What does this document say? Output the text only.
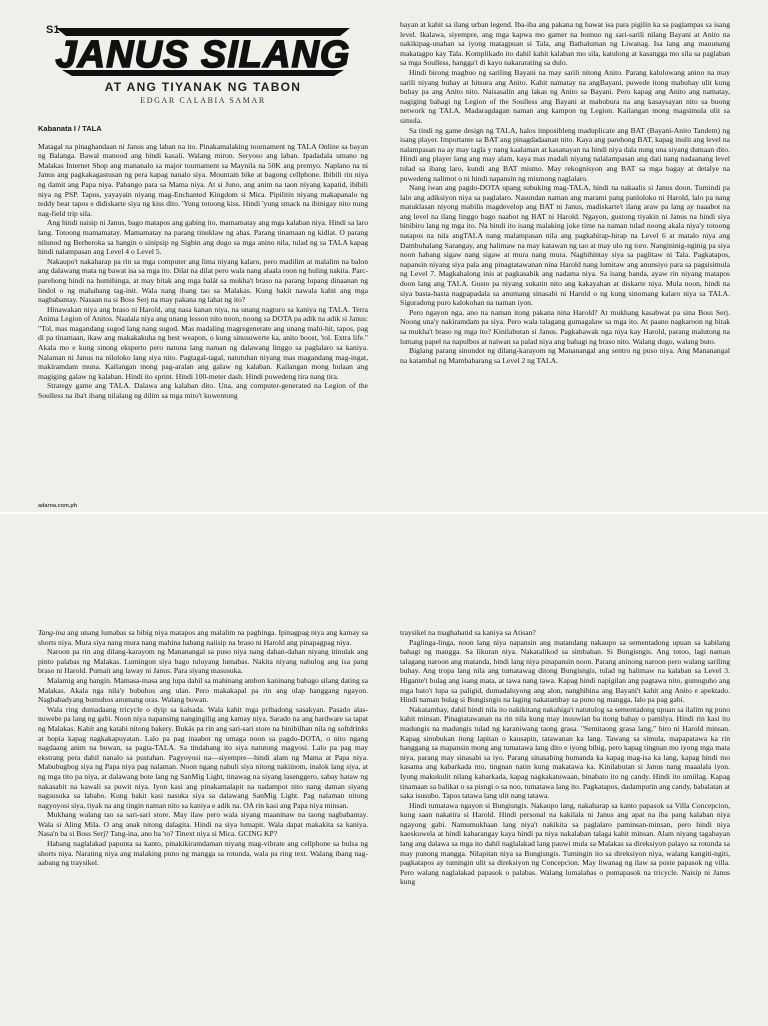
S1
JANUS SILANG
AT ANG TIYANAK NG TABON
EDGAR CALABIA SAMAR

Kabanata I / TALA

Matagal na pinaghandaan ni Janus ang laban na ito. Pinakamalaking tournament ng TALA Online sa bayan ng Balanga. Bawal manood ang hindi kasali. Walang miron. Seryoso ang laban. Ipadadala umano ng Malakas Internet Shop ang mananalo sa major tournament sa Maynila na 50K ang premyo. Naplano na ni Janus ang pagkakagastusan ng pera kapag nanalo siya. Mountain bike at bagong cellphone. Ibibili rin niya ng damit ang Papa niya. Pabango para sa Mama niya. At si Juno, ang anim na taon niyang kapatid, ibibili niya ng PSP. Tapos, yayayain niyang mag-Enchanted Kingdom si Mica. Pipilitin niyang makapanalo ng teddy bear tapos e didiskarte siya ng kiss dito. 'Yung totoong kiss. Hindi 'yung smack na ibinigay nito nung nag-field trip sila.

Ang hindi naisip ni Janus, bago matapos ang gabing ito, mamamatay ang mga kalaban niya. Hindi sa laro lang. Totoong mamamatay. Mamamatay na parang tinuklaw ng ahas. Parang tinamaan ng kidlat. O parang nilunod ng Berberoka sa hangin o sinipsip ng Sigbin ang dugo sa mga anino nila, tulad ng sa TALA kapag hindi nalampasan ang Level 4 o Level 5.

Nakaupo't nakaharap pa rin sa mga computer ang lima niyang kalaro, pero madilim at malalim na balon ang dalawang mata ng bawat isa sa mga ito. Dilat na dilat pero wala nang alaala roon ng huling nakita. Parc-parehong hindi na humihinga, at may bitak ang mga balát sa mukha't braso na parang lupang dinaanan ng lindol o ng mahabang tag-init. Wala nang ibang tao sa Malakas. Kung bakit nawala kahit ang mga nagbabantay. Nasaan na si Boss Serj na may pakana ng lahat ng ito?

Hinawakan niya ang braso ni Harold, ang nasa kanan niya, na unang nagturo sa kaniya ng TALA. Terra Anima Legion of Anitos. Naalala niya ang unang lesson nito noon, noong sa DOTA pa adik na adik si Janus: "Tol, mas magandang sugod lang nang sugod. Mas madaling magregenerate ang unang mahi-hit, tapos, pag di pa tinamaan, ikaw ang makakakuha ng best weapon, o kung sinusuwerte ka, anito boost, 'tol. Extra life." Akala mo e kung sinong eksperto pero natuna lang naman ng dalawang linggo sa paglalaro sa kaniya. Nalaman ni Janus na niloloko lang siya nito. Pagtagal-tagal, natutuhan niyang mas magandang mag-ingat, makiramdam muna. Kailangan mong pag-aralan ang galaw ng kalaban. Kailangan mong hulaan ang magiging galaw ng kalaban. Hindi ito sprint. Hindi 100-meter dash. Hindi puwedeng tira nang tira.

Strategy game ang TALA. Dalawa ang kalaban dito. Una, ang computer-generated na Legion of the Soulless na iba't ibang nilalang ng dilim sa mga mito't kuwentong

adarna.com.ph

bayan at kahit sa ilang urban legend. Iba-iba ang pakana ng bawat isa para pigilin ka sa paglampas sa isang level. Ikalawa, siyempre, ang mga kapwa mo gamer na bumuo ng sari-sarili nilang Bayani at Anito na nakikipag-unahan sa iyong matagpuan si Tala, ang Bathaluman ng Liwanag. Isa lang ang mauunang makatagpo kay Tala. Komplikado ito dahil kahit kalaban mo sila, katulong at kasangga mo sila sa paglaban sa mga Soulless, hangga't di kayo nakararating sa dulo.

Hindi birong magbuo ng sariling Bayani na may sarili nitong Anito. Parang kaluluwang anino na may sarili niyang buhay at hitsura ang Anito. Kahit namatay na angBayani, puwede itong mabuhay ulit kung buhay pa ang Anito nito. Naisasalin ang lakas ng Anito sa Bayani. Pero kapag ang Anito ang namatay, nagiging bahagi ng Legion of the Soulless ang Bayani at mabubura na ang kasaysayan nito sa buong network ng TALA. Madaragdagan naman ang kampon ng Legion. Kailangan mong magsimula ulit sa simula.

Sa tindi ng game design ng TALA, halos imposibleng maduplicate ang BAT (Bayani-Anito Tandem) ng isang player. Importante sa BAT ang pinagdadaanan nito. Kaya ang parehong BAT, kapag inulit ang level na nalampasan na ay may tagla y nang kaalaman at kasanayan na hindi niya dala nung una siyang dumaan dito. Hindi ang player lang ang may alam, kaya mas madali niyang nalalampasan ang dati nang nadaanang level tulad sa ibang laro, kundi ang BAT mismo. May rekognisyon ang BAT sa mga bagay at detalye na puwedeng nalimot o ni hindi napansin ng mismong naglalaro.

Nang iwan ang pagdo-DOTA upang subuking mag-TALA, hindi na nakaalis si Janus doon. Tumindi pa lalo ang adiksiyon niya sa paglalaro. Nasundan naman ang marami pang panloloko ni Harold, lalo pa nang matuklasan niyong mabilis magdevelop ang BAT ni Janus, madiskarte't ilang araw pa lang ay naaabot na ang level na ilang linggo bago naabot ng BAT ni Harold. Ngayon, gustong tiyakin ni Janus na hindi siya binibiro lang ng mga ito. Na hindi ito isang malaking joke time na naman tulad noong akala niya'y totoong natapos na nila angTALA nang malampasan nila ang pagkahirap-hirap na Level 6 at matalo niya ang Dambuhalang Sarangay, ang halimaw na may katawan ng tao at may ulo ng toro. Nangininig-nginig pa siya noon habang sigaw nang sigaw at mura nang mura. Naghihintay siya sa paglitaw ni Tala. Pagkatapos, napansin niyang siya pala ang pinagtatawanan nina Harold nang lumitaw ang anunsiyo para sa pagsisimula ng Level 7. Magkahalong inis at pagkasabik ang nadama niya. Sa isang banda, ayaw rin niyang matapos doon lang ang TALA. Gusto pa niyang sukatin nito ang kakayahan at diskarte niya. Mula noon, hindi na siya basta-basta nagpapadala sa anumang sinasabi ni Harold o ng kung sinomang kalaro niya sa TALA. Siguradong puro kalokohan na naman iyon.

Pero ngayon nga, ano na naman itong pakana nina Harold? At mukhang kasabwat pa sina Boss Serj. Noong una'y nakiramdam pa siya. Pero wala talagang gumagalaw sa mga ito. At paano nagkaroon ng bitak sa mukha't braso ng mga ito? Kinilabutan si Janus. Pagkahawak nga niya kay Harold, parang malutong na lumang papel na napulbos at naiwan sa palad niya ang bahagi ng braso nito. Walang dugo, walang buto.

Biglang parang sinundot ng dilang-karayom ng Mananangal ang sentro ng puso niya. Ang Mananangal na katambal ng Mambabarang sa Level 2 ng TALA.

Tang-ina ang unang lumabas sa bibig niya matapos ang malalim na paghinga. Ipinagpag niya ang kamay sa shorts niya. Mura siya nang mura nang mahina habang naiisip na braso ni Harold ang pinapagpag niya.

Naroon pa rin ang dilang-karayom ng Mananangal sa puso niya nang dahan-dahan niyang itinulak ang pinto palabas ng Malakas. Lumingon siya bago tuluyang lumabas. Nakita niyang nahulog ang isa pang braso ni Harold. Pumait ang laway ni Janus. Para siyang masusuka.

Malamig ang hangin. Mamasa-masa ang lupa dahil sa mahinang ambon kaninang babago silang dating sa Malakas. Akala nga nila'y bubuhos ang ulan. Pero makakapal pa rin ang ulap hanggang ngayon. Nagbabadyang bumuhos anumang oras. Walang buwan.

Wala ring dumadaang tricycle o dyip sa kalsada. Wala kahit mga pribadong sasakyan. Pasado alas-nuwebe pa lang ng gabi. Noon niya napansing nangingilig ang kamay niya. Sarado na ang hardware sa tapat ng Malakas. Kahit ang katabi nitong bakery. Bukás pa rin ang sari-sari store na binibilhan nila ng softdrinks at hopia kapag nagkakapuyatan. Lalo pa pag inaabot ng umaga noon sa pagdo-DOTA, o nito ngang nagdaang anim na buwan, sa pagta-TALA. Sa tindahang ito siya natutong magyosi. Lalo pa pag may ekstrang pera dahil nanalo sa pustahan. Pagyoyosi na—siyempre—hindi alam ng Mama at Papa niya. Mabubugbog siya ng Papa niya pag nalaman. Noon ngang nahuli siya nitong nakiinom, inalok lang siya, at ng mga tito pa niya, at dalawang bote lang ng SanMig Light, tinawag na siyang lasenggero, sabay hataw ng nakasabit na kawali sa puwit niya. Iyon kasi ang pinakamalapit na nadampot nito nang datnan siyang nagsusuka sa lababo. Kung bakit kasi nasuka siya sa dalawang SanMig Light. Pag nalaman nitong nagyoyosi siya, tiyak na ang tingin naman nito sa kaniya e adik na. OA rin kasi ang Papa niya minsan.

Mukhang walang tao sa sari-sari store. May ilaw pero wala siyang maaninaw na taong nagbabantay. Wala si Aling Mila. O ang anak nitong dalagita. Hindi na siya lumapit. Wala dapat makakita sa kaniya. Nasa'n ba si Boss Serj? Tang-ina, ano ba 'to? Tinext niya si Mica. GCING KP?

Habang naglalakad papunta sa kanto, pinakikiramdaman niyang mag-vibrate ang cellphone sa bulsa ng shorts niya. Narating niya ang malaking puno ng mangga sa rotunda, wala pa ring text. Walang ibang nag-aabang ng traysikel.

traysikel na maghahatid sa kaniya sa Atisan?

Paglinga-linga, noon lang niya napansin ang matandang nakaupo sa sementadong upuan sa kabilang bahagi ng mangga. Sa likuran niya. Nakatalikod sa simbahan. Si Bungisngis. Ang totoo, lagi naman talagang naroon ang matanda, hindi lang niya pinapansin noon. Parang aninong naroon pero walang sariling buhay. Ang tropa lang nila ang tumatawag ditong Bungisngis, tulad ng halimaw na kalaban sa Level 3. Higante't bulag ang isang mata, at tawa nang tawa. Kapag hindi napigilan ang pagtawa nito, gumuguho ang mga bato't lupa sa paligid, dumadaluyong ang alon, nanghihina ang Bayani't kahit ang Anito e apektado. Hindi naman bulag si Bungisngis na laging nakatambay sa puno ng mangga, lalo pa pag gabi.

Nakatambay, dahil hindi nila ito nakikitang nakahiga't natutulog sa sementadong upuan sa ilalim ng puno kahit minsan. Pinagtatawanan na rin nila kung may inuuwian ba itong bahay o pamilya. Hindi rin kasi ito madungis na madungis tulad ng karaniwang taong grasa. "Semitaong grasa lang," biro ni Harold minsan. Kapag sinubukan itong lapitan o kausapin, tatawanan ka lang. Tawang sa simula, mapapatawa ka rin hanggang sa mapansin mong ang tumatawa lang dito e iyong bibig, pero kapag tingnan mo iyong mga mata niya, parang may sinasabi sa iyo. Parang sinasabing humanda ka kapag mag-isa ka lang, kapag hindi mo kasama ang kabarkada mo, tingnan natin kung makatawa ka. Kinilabutan si Janus nang maaalala iyon. Iyung makukulit nilang kabarkada, kapag nagkakatuwaan, binabato ito ng candy. Hindi ito umiilag. Kapag tinamaan sa balikat o sa pisngi o sa noo, tumatawa lang ito. Pagkatapos, dadamputin ang candy, babalatan at saka isusubo. Tapos tatawa lang ulit nang tatawa.

Hindi tumatawa ngayon si Bungisngis. Nakaupo lang, nakaharap sa kanto papasok sa Villa Concepcion, kung saan nakatira si Harold. Hindi personal na kakilala ni Janus ang apat na iba pang kalaban niya ngayong gabi. Namumukhaan lang niya't nakikita sa paglalaro paminsan-minsan, pero hindi niya kaeskuwela at hindi kabarangay kaya hindi pa niya nakalaban talaga kahit minsan. Alam niyang tagabayan lang ang dalawa sa mga ito dahil naglalakad lang pauwi mula sa Malakas sa direksiyon palayo sa rotunda sa may punong mangga. Nilapitan niya sa Bungisngis. Tumingin ito sa direksiyon niya, walang kangiti-ngiti, pagkatapos ay tumingin ulit sa direksiyon ng Concepcion. May liwanag ng ilaw sa poste papasok ng villa. Pero walang naglalakad papasok o palabas. Walang lumalabas o pumapasok na tricycle. Naisip ni Janus kung
